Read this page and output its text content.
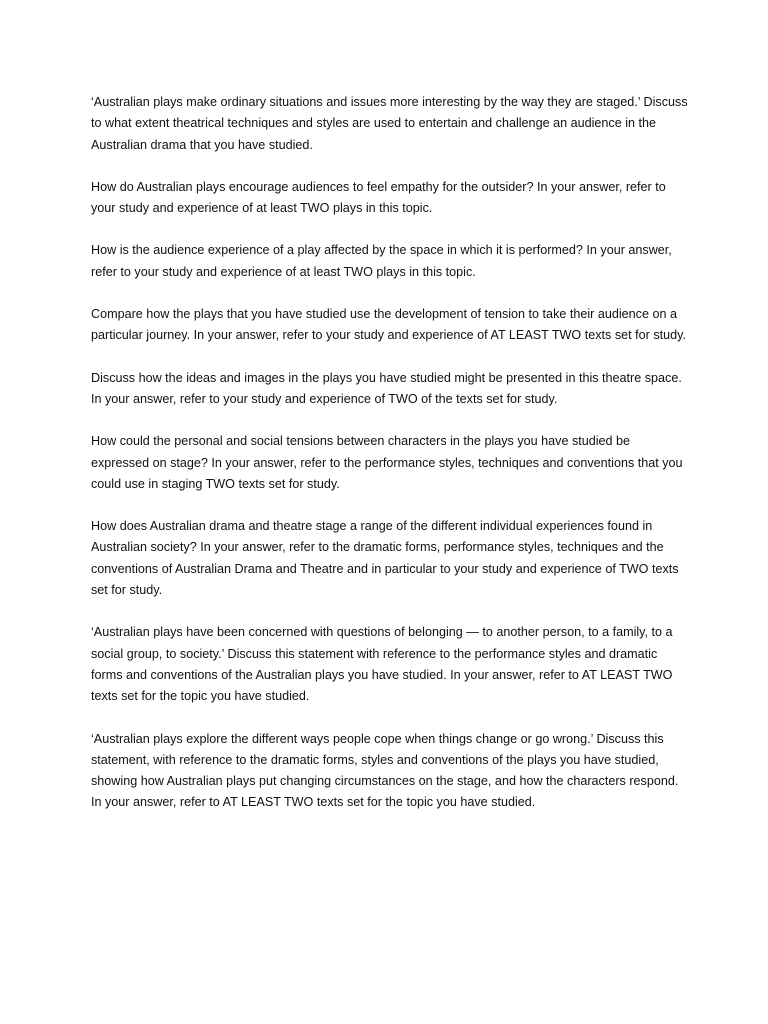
‘Australian plays make ordinary situations and issues more interesting by the way they are staged.’ Discuss to what extent theatrical techniques and styles are used to entertain and challenge an audience in the Australian drama that you have studied.

How do Australian plays encourage audiences to feel empathy for the outsider? In your answer, refer to your study and experience of at least TWO plays in this topic.

How is the audience experience of a play affected by the space in which it is performed? In your answer, refer to your study and experience of at least TWO plays in this topic.

Compare how the plays that you have studied use the development of tension to take their audience on a particular journey. In your answer, refer to your study and experience of AT LEAST TWO texts set for study.

Discuss how the ideas and images in the plays you have studied might be presented in this theatre space. In your answer, refer to your study and experience of TWO of the texts set for study.

How could the personal and social tensions between characters in the plays you have studied be expressed on stage? In your answer, refer to the performance styles, techniques and conventions that you could use in staging TWO texts set for study.

How does Australian drama and theatre stage a range of the different individual experiences found in Australian society? In your answer, refer to the dramatic forms, performance styles, techniques and the conventions of Australian Drama and Theatre and in particular to your study and experience of TWO texts set for study.

‘Australian plays have been concerned with questions of belonging — to another person, to a family, to a social group, to society.’ Discuss this statement with reference to the performance styles and dramatic forms and conventions of the Australian plays you have studied. In your answer, refer to AT LEAST TWO texts set for the topic you have studied.

‘Australian plays explore the different ways people cope when things change or go wrong.’ Discuss this statement, with reference to the dramatic forms, styles and conventions of the plays you have studied, showing how Australian plays put changing circumstances on the stage, and how the characters respond. In your answer, refer to AT LEAST TWO texts set for the topic you have studied.
